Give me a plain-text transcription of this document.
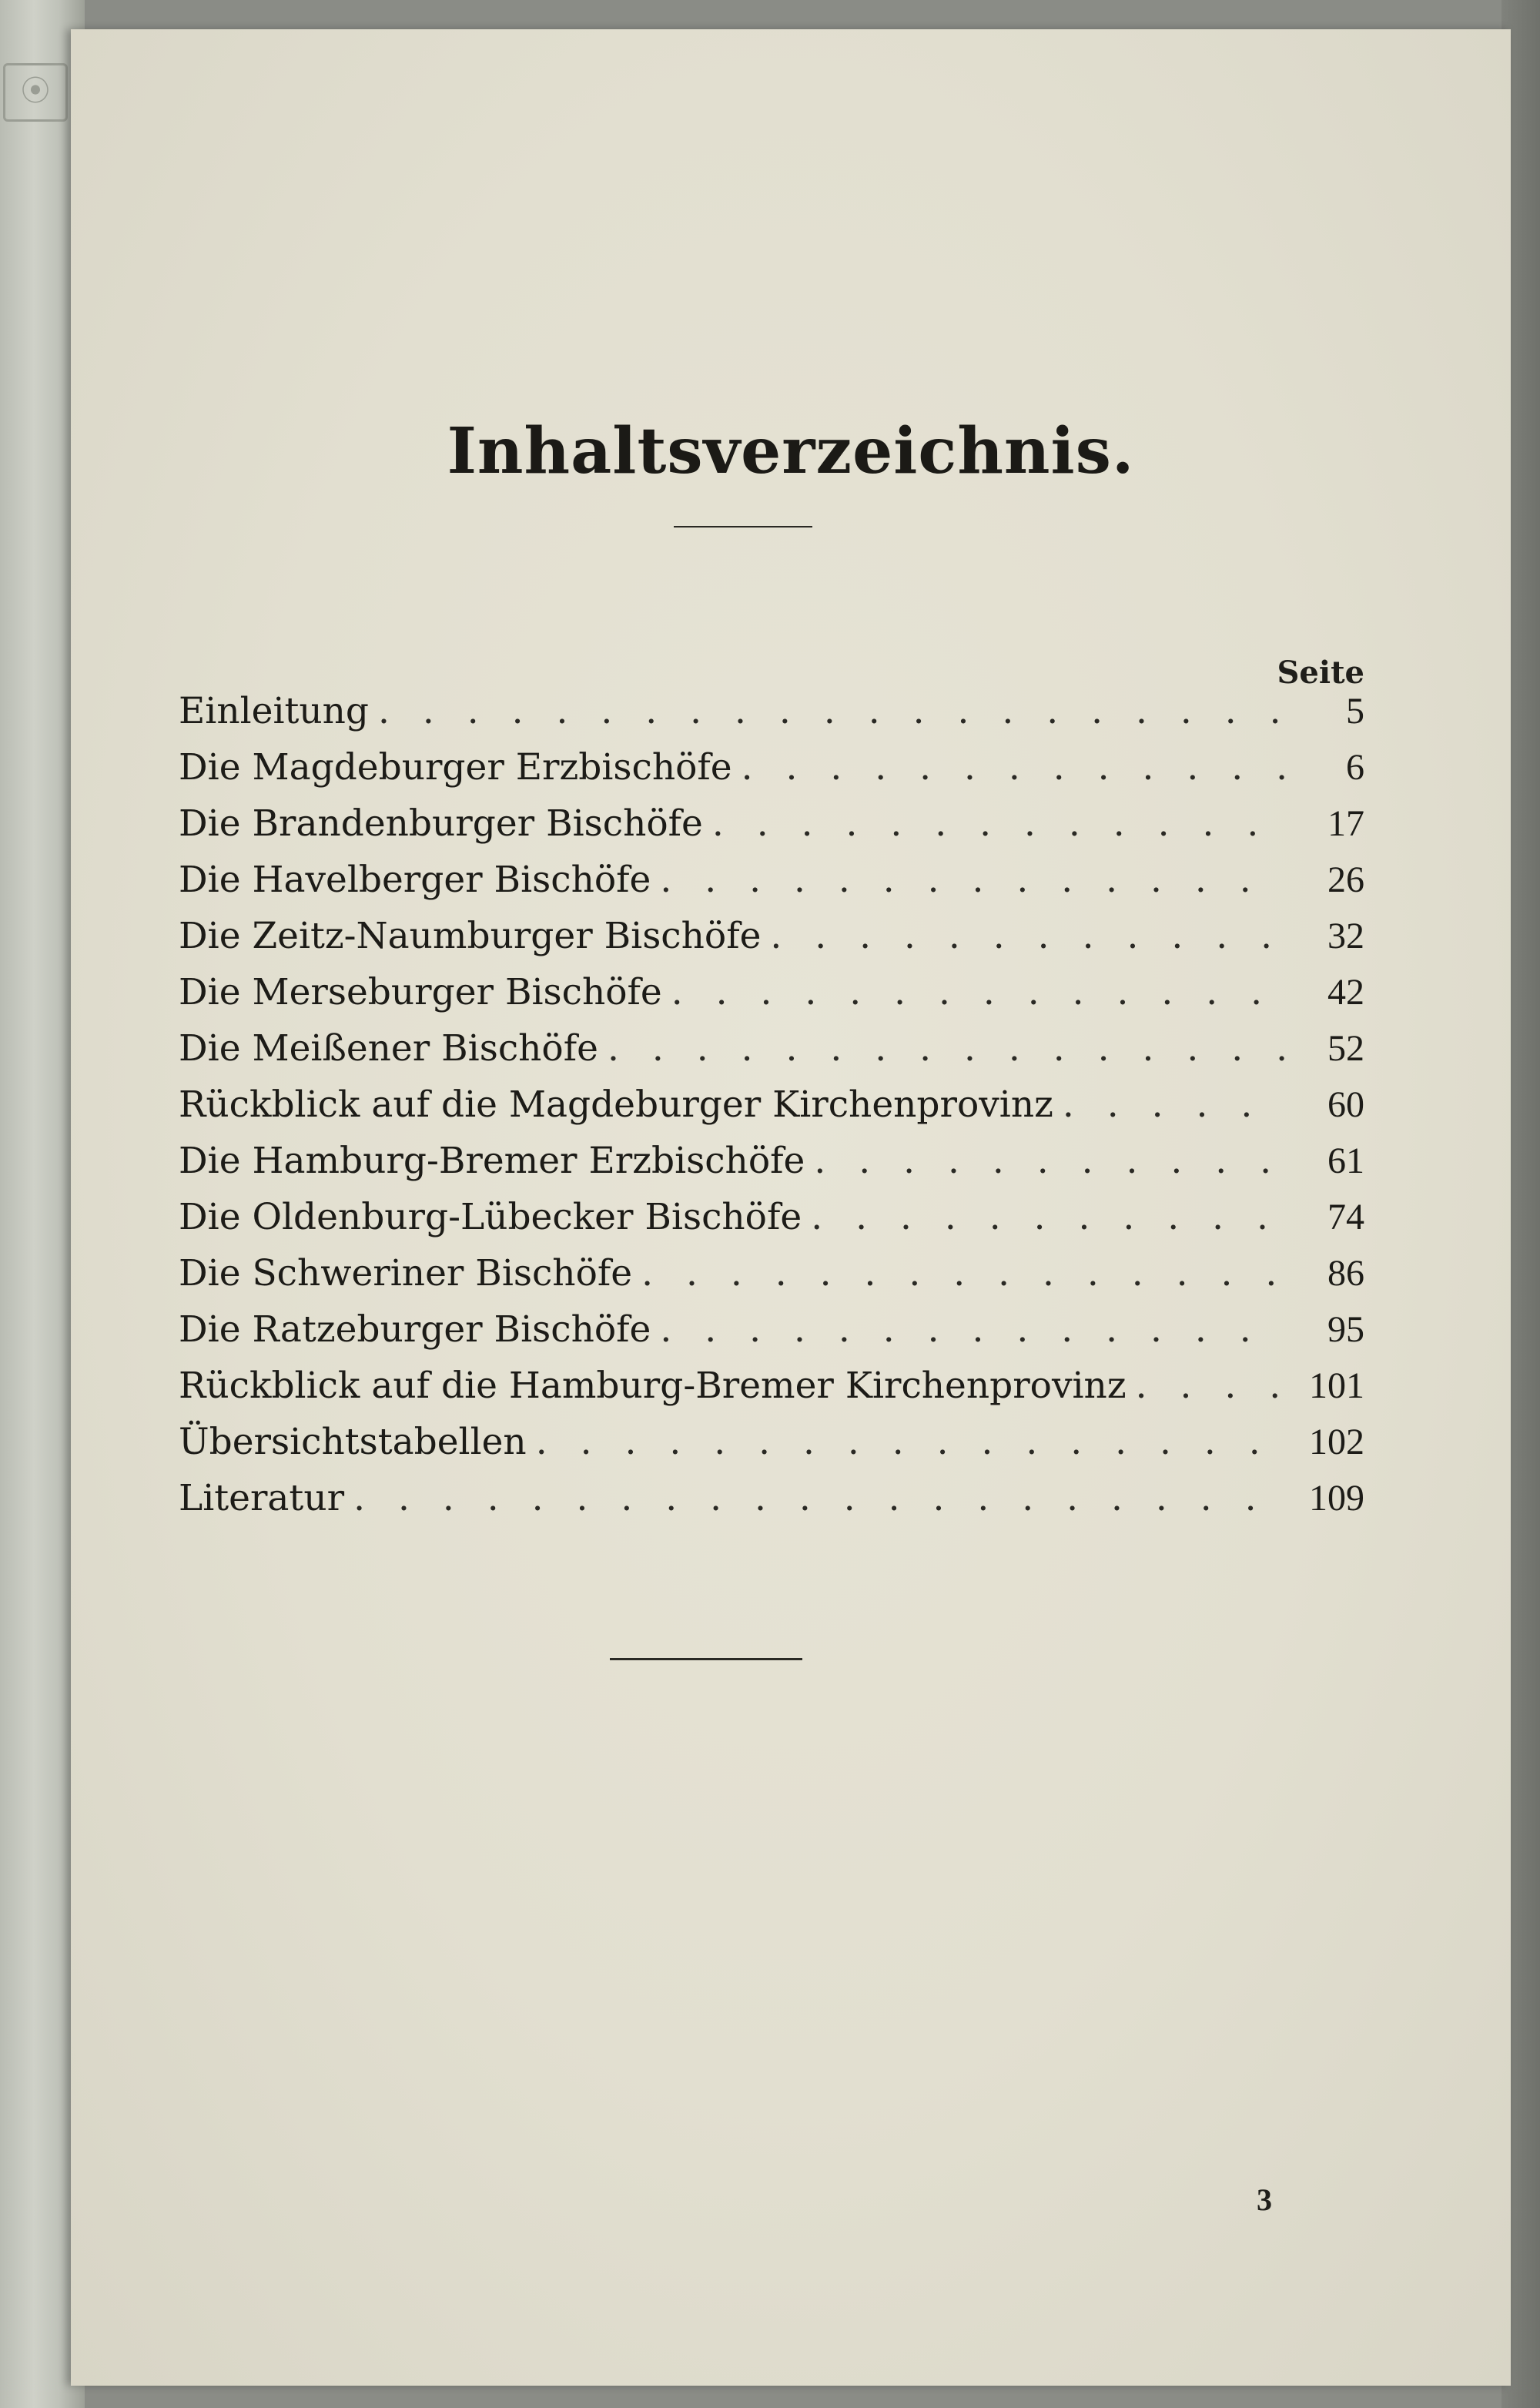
⦿
Inhaltsverzeichnis.
Seite
Einleitung . . .	5
Die Magdeburger Erzbischöfe . . .	6
Die Brandenburger Bischöfe . . .	17
Die Havelberger Bischöfe . . .	26
Die Zeitz-Naumburger Bischöfe . . .	32
Die Merseburger Bischöfe . . .	42
Die Meißener Bischöfe . . .	52
Rückblick auf die Magdeburger Kirchenprovinz . . .	60
Die Hamburg-Bremer Erzbischöfe . . .	61
Die Oldenburg-Lübecker Bischöfe . . .	74
Die Schweriner Bischöfe . . .	86
Die Ratzeburger Bischöfe . . .	95
Rückblick auf die Hamburg-Bremer Kirchenprovinz . . .	101
Übersichtstabellen . . .	102
Literatur . . .	109
3
